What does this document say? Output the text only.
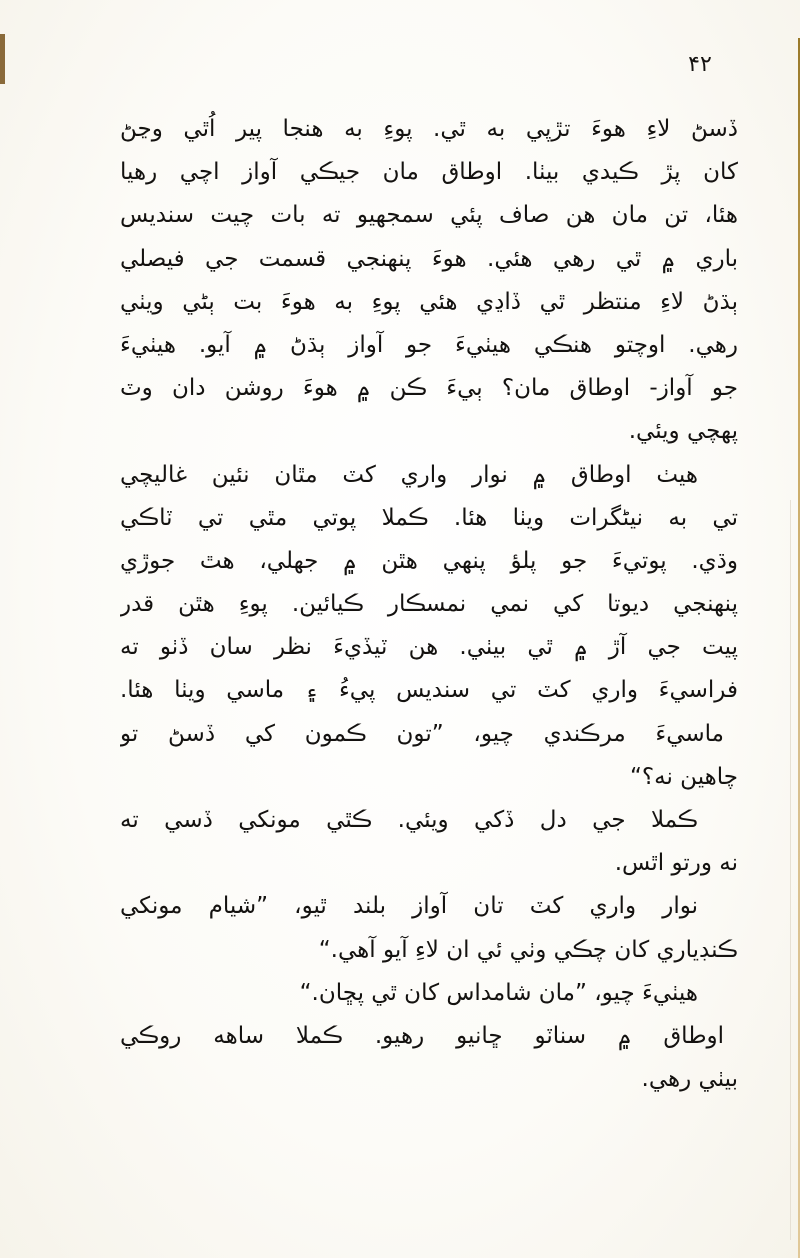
۴۲
ڏسڻ لاءِ هوءَ تڙپي به ٿي. پوءِ به هنجا پير اُٿي وڃڻ
کان پڙ ڪيدي بيٺا. اوطاق مان جيڪي آواز اچي رهيا
هئا، تن مان هن صاف پئي سمجهيو ته بات چيت سنديس
باري ۾ ٿي رهي هئي. هوءَ پنهنجي قسمت جي فيصلي
ٻڌڻ لاءِ منتظر ٿي ڏاڍي هئي پوءِ به هوءَ بت ٻڻي ويٺي
رهي. اوچتو هنڪي هيٺيءَ جو آواز ٻڌڻ ۾ آيو. هيٺيءَ
جو آواز- اوطاق مان؟ ٻيءَ ڪن ۾ هوءَ روشن دان وٽ
پهچي ويئي.
هيٺ اوطاق ۾ نوار واري کٽ مٿان نئين غاليچي
تي به نيڻگرات ويٺا هئا. ڪملا پوتي مٿي تي ٽاڪي
وڌي. پوتيءَ جو پلؤ پنهي هٿن ۾ جهلي، هٿ جوڙي
پنهنجي ديوتا کي نمي نمسڪار ڪيائين. پوءِ هٿن قدر
پيت جي آڙ ۾ ٿي بيٺي. هن ٽيڏيءَ نظر سان ڏٺو ته
فراسيءَ واري کٽ تي سنديس پيءُ ۽ ماسي ويٺا هئا.
ماسيءَ مرڪندي چيو، ”تون ڪمون کي ڏسڻ تو
چاهين نه؟“
ڪملا جي دل ڏکي ويئي. ڪٿي مونکي ڏسي ته
نه ورتو اٿس.
نوار واري کٽ تان آواز بلند ٿيو، ”شيام مونکي
ڪنڊياري کان چڪي وٺي ئي ان لاءِ آيو آهي.“
هيٺيءَ چيو، ”مان شامداس کان ٿي پڇان.“
اوطاق ۾ سناٽو ڇانيو رهيو. ڪملا ساهه روڪي
بيٺي رهي.
